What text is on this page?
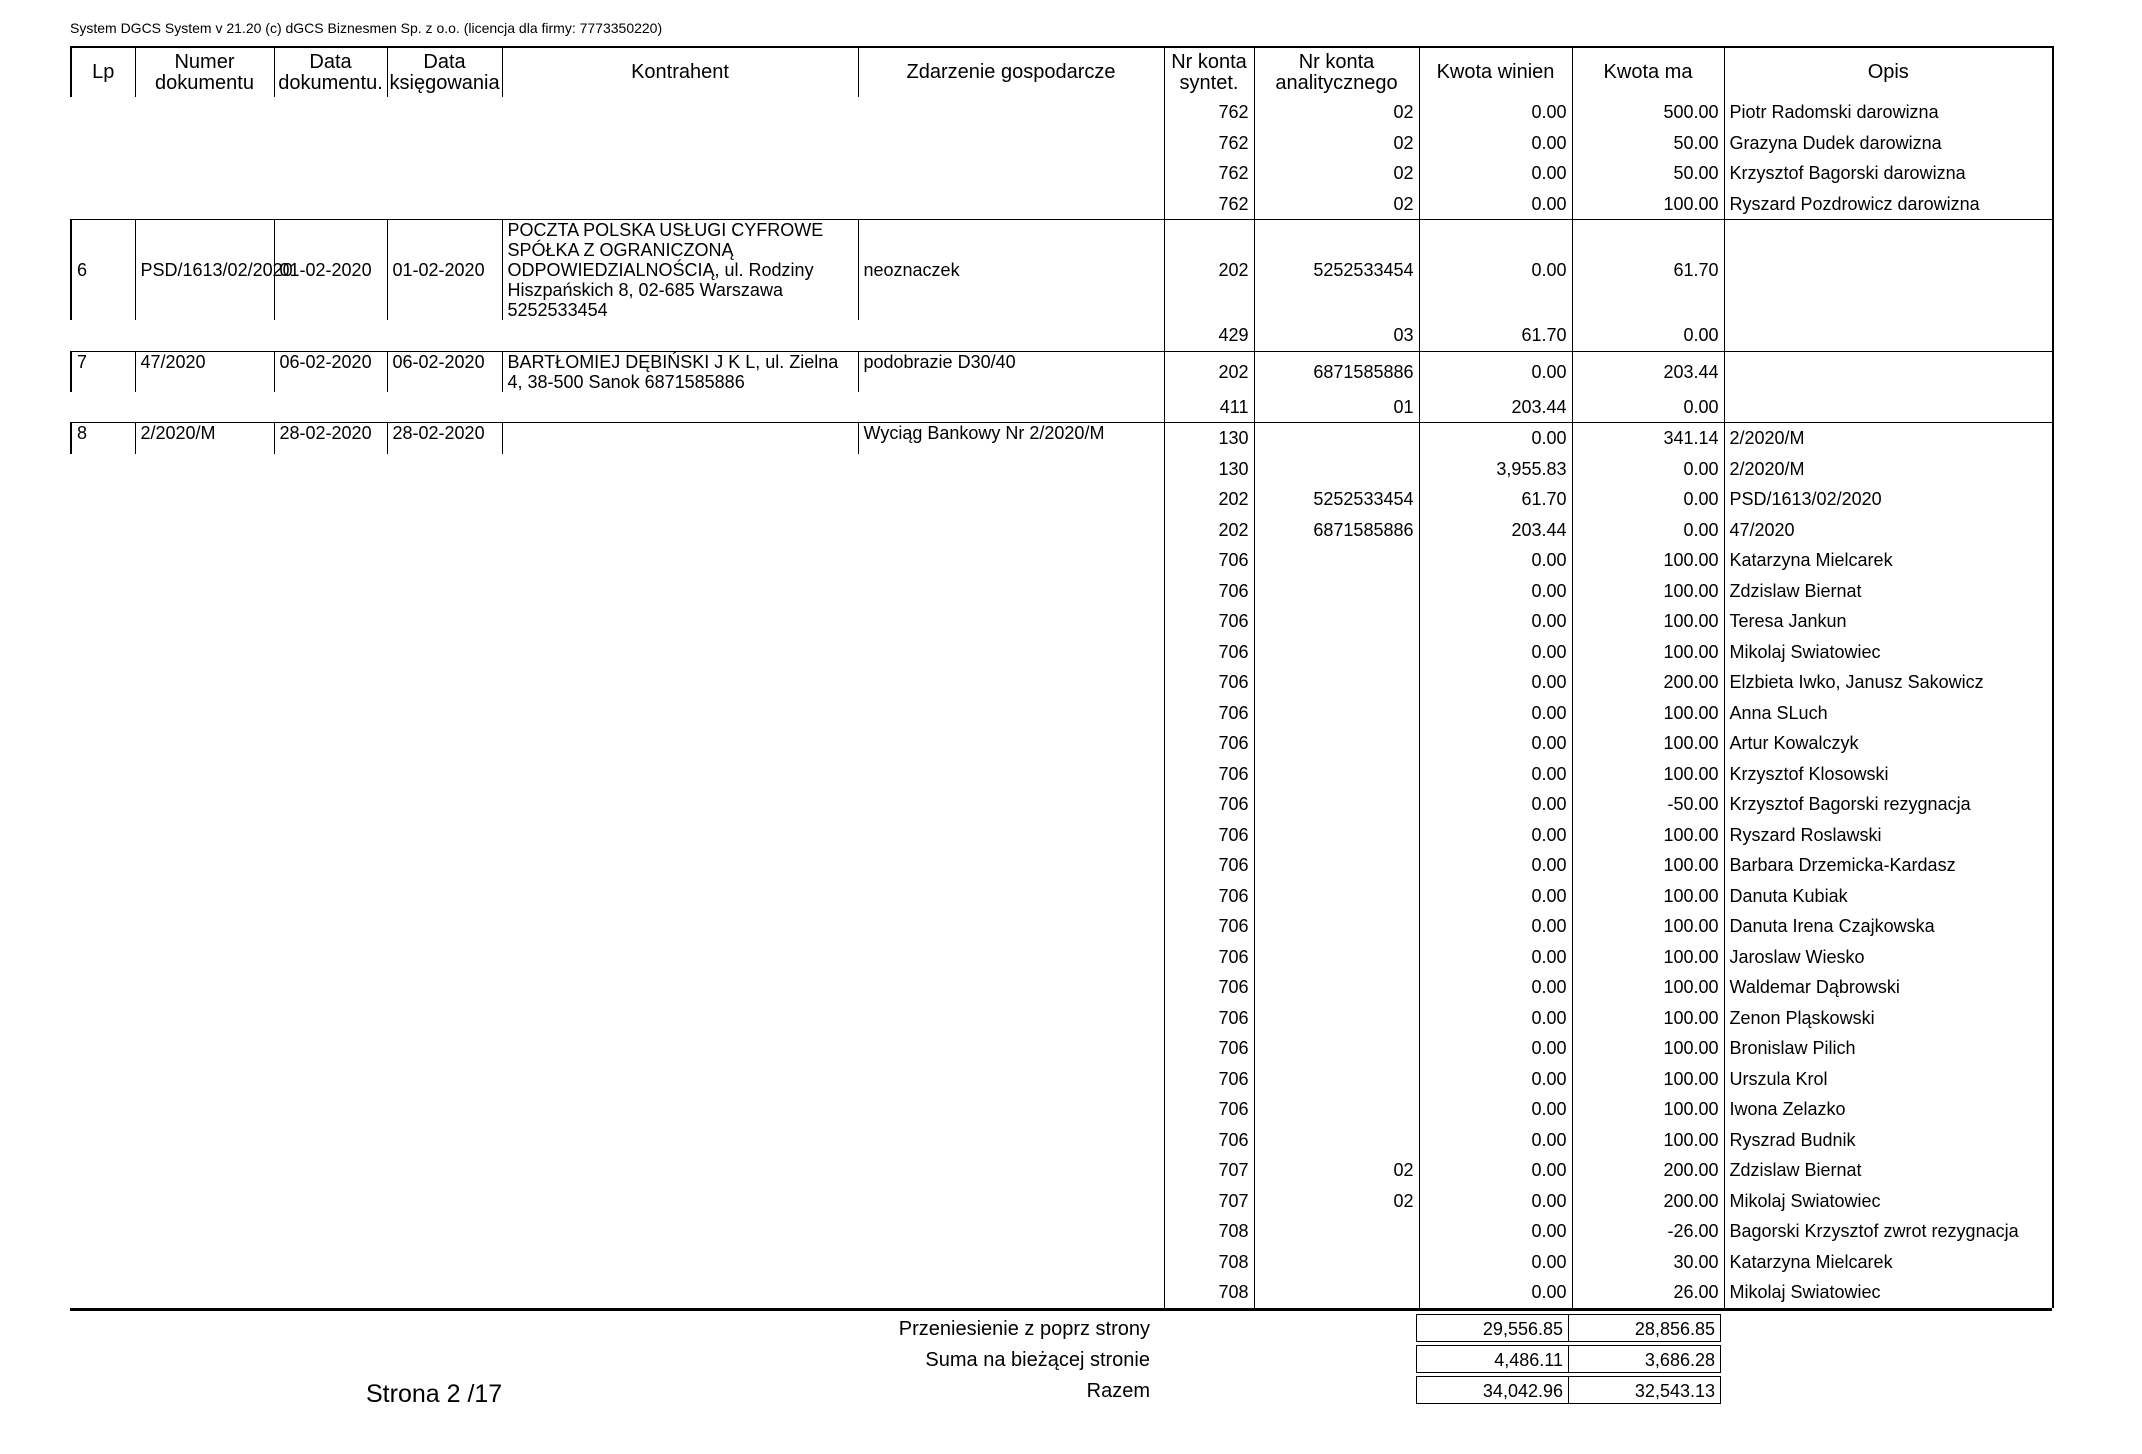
System DGCS System v 21.20 (c) dGCS Biznesmen Sp. z o.o. (licencja dla firmy: 7773350220)
Lp	Numer dokumentu	Data dokumentu.	Data księgowania	Kontrahent	Zdarzenie gospodarcze	Nr konta syntet.	Nr konta analitycznego	Kwota winien	Kwota ma	Opis
						762	02	0.00	500.00	Piotr Radomski darowizna
						762	02	0.00	50.00	Grazyna Dudek darowizna
						762	02	0.00	50.00	Krzysztof Bagorski darowizna
						762	02	0.00	100.00	Ryszard Pozdrowicz darowizna
6	PSD/1613/02/2020	01-02-2020	01-02-2020	POCZTA POLSKA USŁUGI CYFROWE SPÓŁKA Z OGRANICZONĄ ODPOWIEDZIALNOŚCIĄ, ul. Rodziny Hiszpańskich 8, 02-685 Warszawa 5252533454	neoznaczek	202	5252533454	0.00	61.70	
						429	03	61.70	0.00	
7	47/2020	06-02-2020	06-02-2020	BARTŁOMIEJ DĘBIŃSKI J K L, ul. Zielna 4, 38-500 Sanok 6871585886	podobrazie D30/40	202	6871585886	0.00	203.44	
						411	01	203.44	0.00	
8	2/2020/M	28-02-2020	28-02-2020		Wyciąg Bankowy Nr 2/2020/M	130		0.00	341.14	2/2020/M
						130		3,955.83	0.00	2/2020/M
						202	5252533454	61.70	0.00	PSD/1613/02/2020
						202	6871585886	203.44	0.00	47/2020
						706		0.00	100.00	Katarzyna Mielcarek
						706		0.00	100.00	Zdzislaw Biernat
						706		0.00	100.00	Teresa Jankun
						706		0.00	100.00	Mikolaj Swiatowiec
						706		0.00	200.00	Elzbieta Iwko, Janusz Sakowicz
						706		0.00	100.00	Anna SLuch
						706		0.00	100.00	Artur Kowalczyk
						706		0.00	100.00	Krzysztof Klosowski
						706		0.00	-50.00	Krzysztof Bagorski rezygnacja
						706		0.00	100.00	Ryszard Roslawski
						706		0.00	100.00	Barbara Drzemicka-Kardasz
						706		0.00	100.00	Danuta Kubiak
						706		0.00	100.00	Danuta Irena Czajkowska
						706		0.00	100.00	Jaroslaw Wiesko
						706		0.00	100.00	Waldemar Dąbrowski
						706		0.00	100.00	Zenon Pląskowski
						706		0.00	100.00	Bronislaw Pilich
						706		0.00	100.00	Urszula Krol
						706		0.00	100.00	Iwona Zelazko
						706		0.00	100.00	Ryszrad Budnik
						707	02	0.00	200.00	Zdzislaw Biernat
						707	02	0.00	200.00	Mikolaj Swiatowiec
						708		0.00	-26.00	Bagorski Krzysztof zwrot rezygnacja
						708		0.00	30.00	Katarzyna Mielcarek
						708		0.00	26.00	Mikolaj Swiatowiec
Przeniesienie z poprz strony	29,556.85	28,856.85
Suma na bieżącej stronie	4,486.11	3,686.28
Razem	34,042.96	32,543.13
Strona 2 /17
